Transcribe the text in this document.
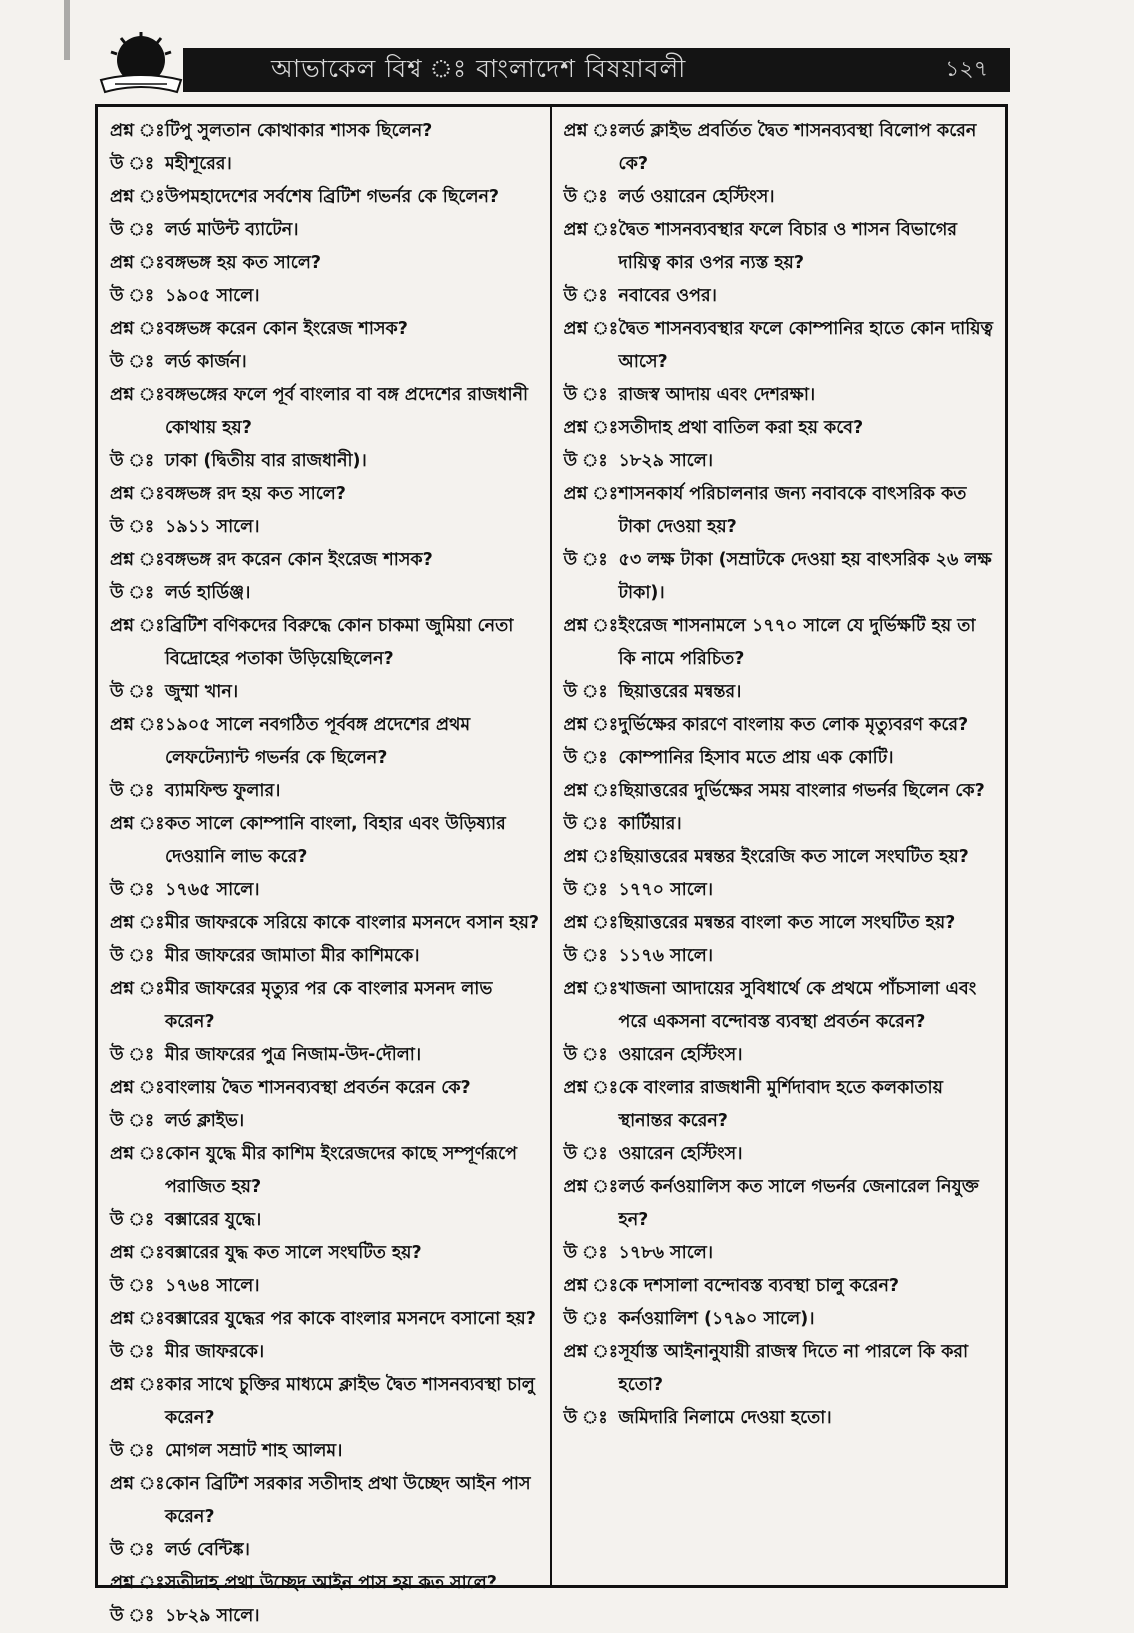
আভাকেল বিশ্ব ঃ বাংলাদেশ বিষয়াবলী	১২৭
প্রশ্ন ঃ টিপু সুলতান কোথাকার শাসক ছিলেন?
উ ঃ মহীশূরের।
প্রশ্ন ঃ উপমহাদেশের সর্বশেষ ব্রিটিশ গভর্নর কে ছিলেন?
উ ঃ লর্ড মাউন্ট ব্যাটেন।
প্রশ্ন ঃ বঙ্গভঙ্গ হয় কত সালে?
উ ঃ ১৯০৫ সালে।
প্রশ্ন ঃ বঙ্গভঙ্গ করেন কোন ইংরেজ শাসক?
উ ঃ লর্ড কার্জন।
প্রশ্ন ঃ বঙ্গভঙ্গের ফলে পূর্ব বাংলার বা বঙ্গ প্রদেশের রাজধানী কোথায় হয়?
উ ঃ ঢাকা (দ্বিতীয় বার রাজধানী)।
প্রশ্ন ঃ বঙ্গভঙ্গ রদ হয় কত সালে?
উ ঃ ১৯১১ সালে।
প্রশ্ন ঃ বঙ্গভঙ্গ রদ করেন কোন ইংরেজ শাসক?
উ ঃ লর্ড হার্ডিঞ্জ।
প্রশ্ন ঃ ব্রিটিশ বণিকদের বিরুদ্ধে কোন চাকমা জুমিয়া নেতা বিদ্রোহের পতাকা উড়িয়েছিলেন?
উ ঃ জুম্মা খান।
প্রশ্ন ঃ ১৯০৫ সালে নবগঠিত পূর্ববঙ্গ প্রদেশের প্রথম লেফটেন্যান্ট গভর্নর কে ছিলেন?
উ ঃ ব্যামফিল্ড ফুলার।
প্রশ্ন ঃ কত সালে কোম্পানি বাংলা, বিহার এবং উড়িষ্যার দেওয়ানি লাভ করে?
উ ঃ ১৭৬৫ সালে।
প্রশ্ন ঃ মীর জাফরকে সরিয়ে কাকে বাংলার মসনদে বসান হয়?
উ ঃ মীর জাফরের জামাতা মীর কাশিমকে।
প্রশ্ন ঃ মীর জাফরের মৃত্যুর পর কে বাংলার মসনদ লাভ করেন?
উ ঃ মীর জাফরের পুত্র নিজাম-উদ-দৌলা।
প্রশ্ন ঃ বাংলায় দ্বৈত শাসনব্যবস্থা প্রবর্তন করেন কে?
উ ঃ লর্ড ক্লাইভ।
প্রশ্ন ঃ কোন যুদ্ধে মীর কাশিম ইংরেজদের কাছে সম্পূর্ণরূপে পরাজিত হয়?
উ ঃ বক্সারের যুদ্ধে।
প্রশ্ন ঃ বক্সারের যুদ্ধ কত সালে সংঘটিত হয়?
উ ঃ ১৭৬৪ সালে।
প্রশ্ন ঃ বক্সারের যুদ্ধের পর কাকে বাংলার মসনদে বসানো হয়?
উ ঃ মীর জাফরকে।
প্রশ্ন ঃ কার সাথে চুক্তির মাধ্যমে ক্লাইভ দ্বৈত শাসনব্যবস্থা চালু করেন?
উ ঃ মোগল সম্রাট শাহ আলম।
প্রশ্ন ঃ কোন ব্রিটিশ সরকার সতীদাহ প্রথা উচ্ছেদ আইন পাস করেন?
উ ঃ লর্ড বেন্টিঙ্ক।
প্রশ্ন ঃ সতীদাহ প্রথা উচ্ছেদ আইন পাস হয় কত সালে?
উ ঃ ১৮২৯ সালে।
প্রশ্ন ঃ লর্ড ক্লাইভ প্রবর্তিত দ্বৈত শাসনব্যবস্থা বিলোপ করেন কে?
উ ঃ লর্ড ওয়ারেন হেস্টিংস।
প্রশ্ন ঃ দ্বৈত শাসনব্যবস্থার ফলে বিচার ও শাসন বিভাগের দায়িত্ব কার ওপর ন্যস্ত হয়?
উ ঃ নবাবের ওপর।
প্রশ্ন ঃ দ্বৈত শাসনব্যবস্থার ফলে কোম্পানির হাতে কোন দায়িত্ব আসে?
উ ঃ রাজস্ব আদায় এবং দেশরক্ষা।
প্রশ্ন ঃ সতীদাহ প্রথা বাতিল করা হয় কবে?
উ ঃ ১৮২৯ সালে।
প্রশ্ন ঃ শাসনকার্য পরিচালনার জন্য নবাবকে বাৎসরিক কত টাকা দেওয়া হয়?
উ ঃ ৫৩ লক্ষ টাকা (সম্রাটকে দেওয়া হয় বাৎসরিক ২৬ লক্ষ টাকা)।
প্রশ্ন ঃ ইংরেজ শাসনামলে ১৭৭০ সালে যে দুর্ভিক্ষটি হয় তা কি নামে পরিচিত?
উ ঃ ছিয়াত্তরের মন্বন্তর।
প্রশ্ন ঃ দুর্ভিক্ষের কারণে বাংলায় কত লোক মৃত্যুবরণ করে?
উ ঃ কোম্পানির হিসাব মতে প্রায় এক কোটি।
প্রশ্ন ঃ ছিয়াত্তরের দুর্ভিক্ষের সময় বাংলার গভর্নর ছিলেন কে?
উ ঃ কার্টিয়ার।
প্রশ্ন ঃ ছিয়াত্তরের মন্বন্তর ইংরেজি কত সালে সংঘটিত হয়?
উ ঃ ১৭৭০ সালে।
প্রশ্ন ঃ ছিয়াত্তরের মন্বন্তর বাংলা কত সালে সংঘটিত হয়?
উ ঃ ১১৭৬ সালে।
প্রশ্ন ঃ খাজনা আদায়ের সুবিধার্থে কে প্রথমে পাঁচসালা এবং পরে একসনা বন্দোবস্ত ব্যবস্থা প্রবর্তন করেন?
উ ঃ ওয়ারেন হেস্টিংস।
প্রশ্ন ঃ কে বাংলার রাজধানী মুর্শিদাবাদ হতে কলকাতায় স্থানান্তর করেন?
উ ঃ ওয়ারেন হেস্টিংস।
প্রশ্ন ঃ লর্ড কর্নওয়ালিস কত সালে গভর্নর জেনারেল নিযুক্ত হন?
উ ঃ ১৭৮৬ সালে।
প্রশ্ন ঃ কে দশসালা বন্দোবস্ত ব্যবস্থা চালু করেন?
উ ঃ কর্নওয়ালিশ (১৭৯০ সালে)।
প্রশ্ন ঃ সূর্যাস্ত আইনানুযায়ী রাজস্ব দিতে না পারলে কি করা হতো?
উ ঃ জমিদারি নিলামে দেওয়া হতো।
